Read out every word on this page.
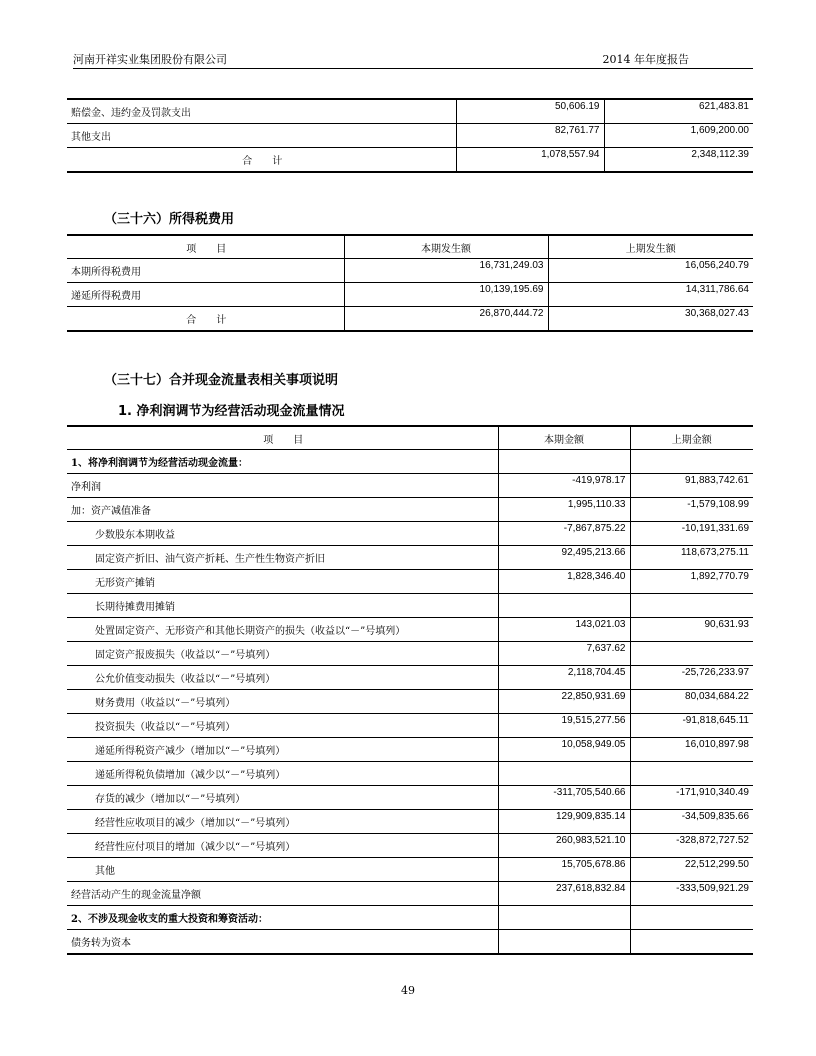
河南开祥实业集团股份有限公司	2014 年年度报告
赔偿金、违约金及罚款支出	50,606.19	621,483.81
其他支出	82,761.77	1,609,200.00
合　　计	1,078,557.94	2,348,112.39
（三十六）所得税费用
项　　目	本期发生额	上期发生额
本期所得税费用	16,731,249.03	16,056,240.79
递延所得税费用	10,139,195.69	14,311,786.64
合　　计	26,870,444.72	30,368,027.43
（三十七）合并现金流量表相关事项说明
1. 净利润调节为经营活动现金流量情况
项　　目	本期金额	上期金额
1、将净利润调节为经营活动现金流量：		
净利润	-419,978.17	91,883,742.61
加：资产减值准备	1,995,110.33	-1,579,108.99
少数股东本期收益	-7,867,875.22	-10,191,331.69
固定资产折旧、油气资产折耗、生产性生物资产折旧	92,495,213.66	118,673,275.11
无形资产摊销	1,828,346.40	1,892,770.79
长期待摊费用摊销		
处置固定资产、无形资产和其他长期资产的损失（收益以“－”号填列）	143,021.03	90,631.93
固定资产报废损失（收益以“－”号填列）	7,637.62	
公允价值变动损失（收益以“－”号填列）	2,118,704.45	-25,726,233.97
财务费用（收益以“－”号填列）	22,850,931.69	80,034,684.22
投资损失（收益以“－”号填列）	19,515,277.56	-91,818,645.11
递延所得税资产减少（增加以“－”号填列）	10,058,949.05	16,010,897.98
递延所得税负债增加（减少以“－”号填列）		
存货的减少（增加以“－”号填列）	-311,705,540.66	-171,910,340.49
经营性应收项目的减少（增加以“－”号填列）	129,909,835.14	-34,509,835.66
经营性应付项目的增加（减少以“－”号填列）	260,983,521.10	-328,872,727.52
其他	15,705,678.86	22,512,299.50
经营活动产生的现金流量净额	237,618,832.84	-333,509,921.29
2、不涉及现金收支的重大投资和筹资活动：		
债务转为资本		
49
